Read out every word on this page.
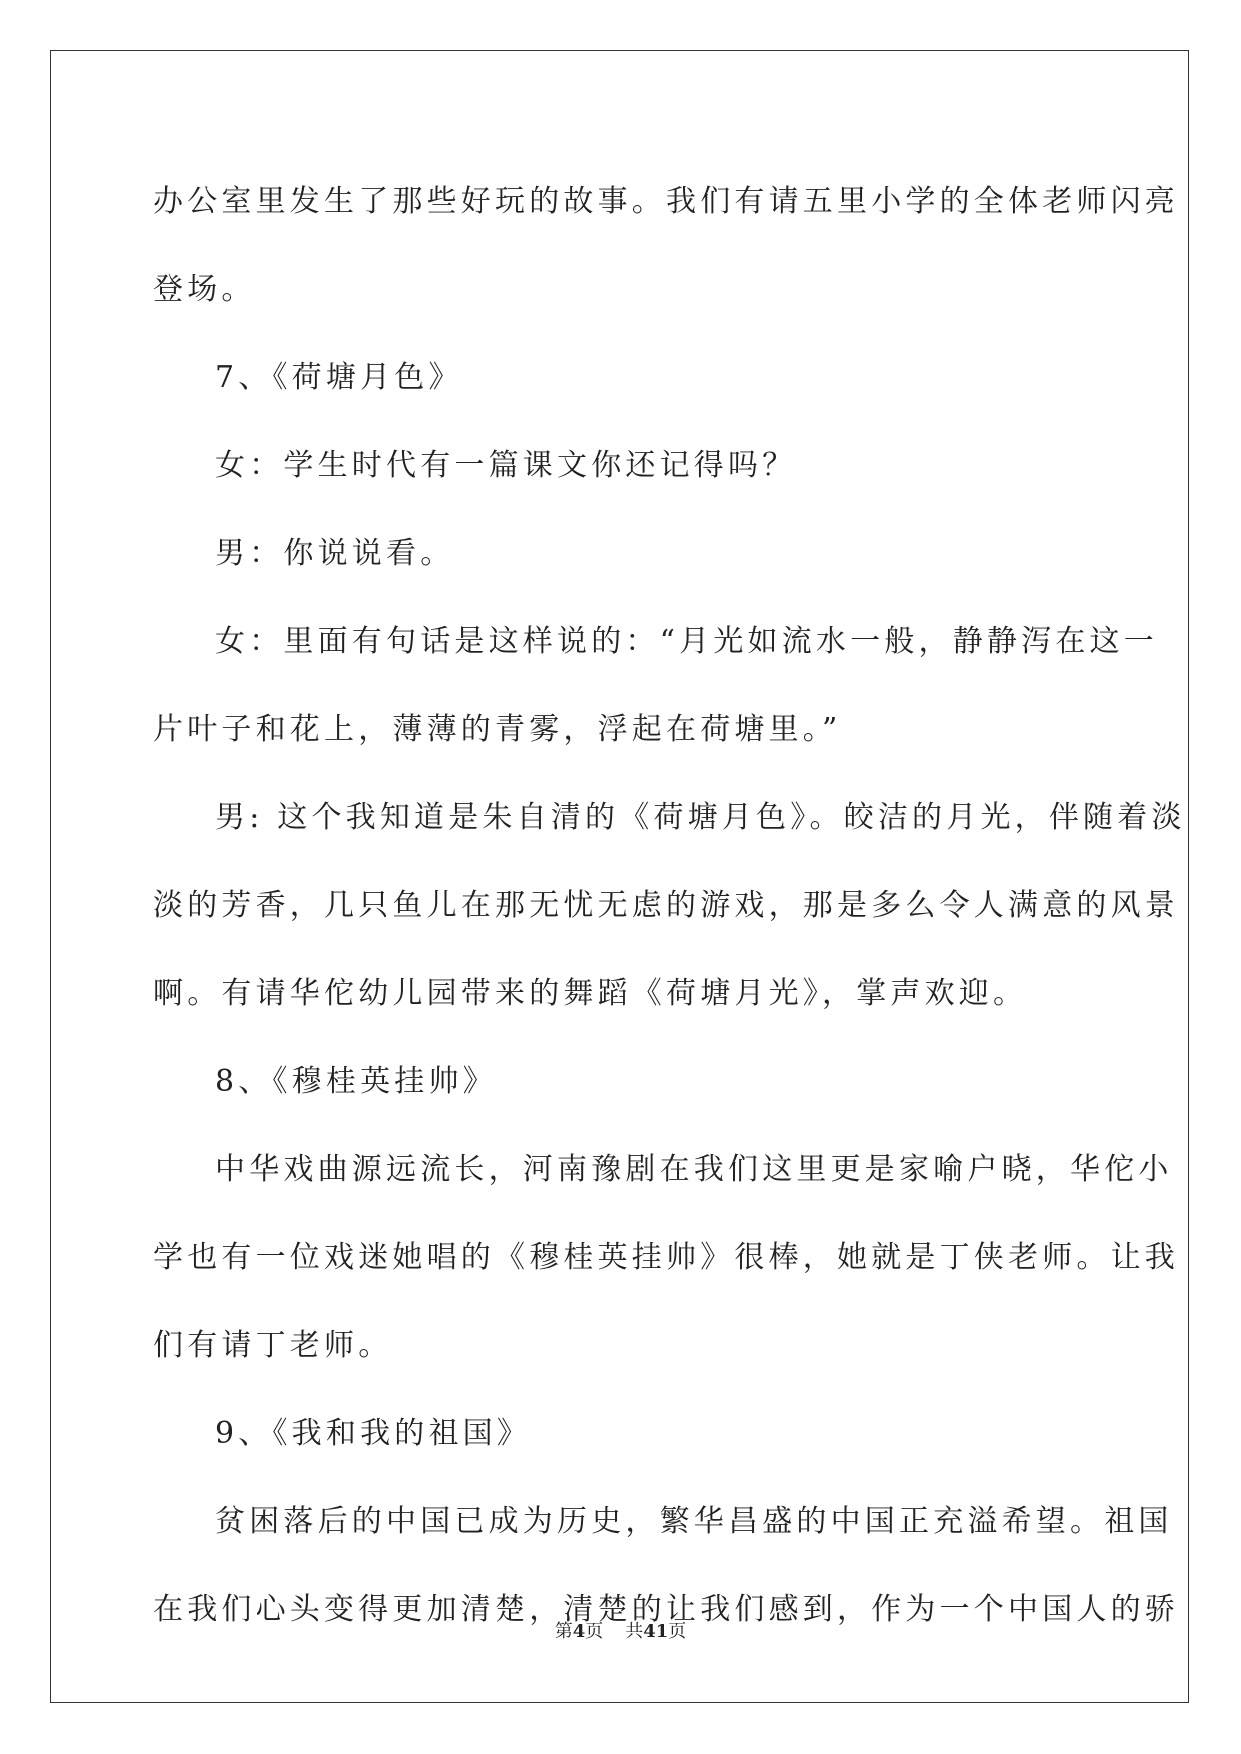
办公室里发生了那些好玩的故事。我们有请五里小学的全体老师闪亮
登场。
7、《荷塘月色》
女：学生时代有一篇课文你还记得吗？
男：你说说看。
女：里面有句话是这样说的：“月光如流水一般，静静泻在这一
片叶子和花上，薄薄的青雾，浮起在荷塘里。”
男: 这个我知道是朱自清的《荷塘月色》。皎洁的月光，伴随着淡
淡的芳香，几只鱼儿在那无忧无虑的游戏，那是多么令人满意的风景
啊。有请华佗幼儿园带来的舞蹈《荷塘月光》，掌声欢迎。
8、《穆桂英挂帅》
中华戏曲源远流长，河南豫剧在我们这里更是家喻户晓，华佗小
学也有一位戏迷她唱的《穆桂英挂帅》很棒，她就是丁侠老师。让我
们有请丁老师。
9、《我和我的祖国》
贫困落后的中国已成为历史，繁华昌盛的中国正充溢希望。祖国
在我们心头变得更加清楚，清楚的让我们感到，作为一个中国人的骄
第4页 共41页
